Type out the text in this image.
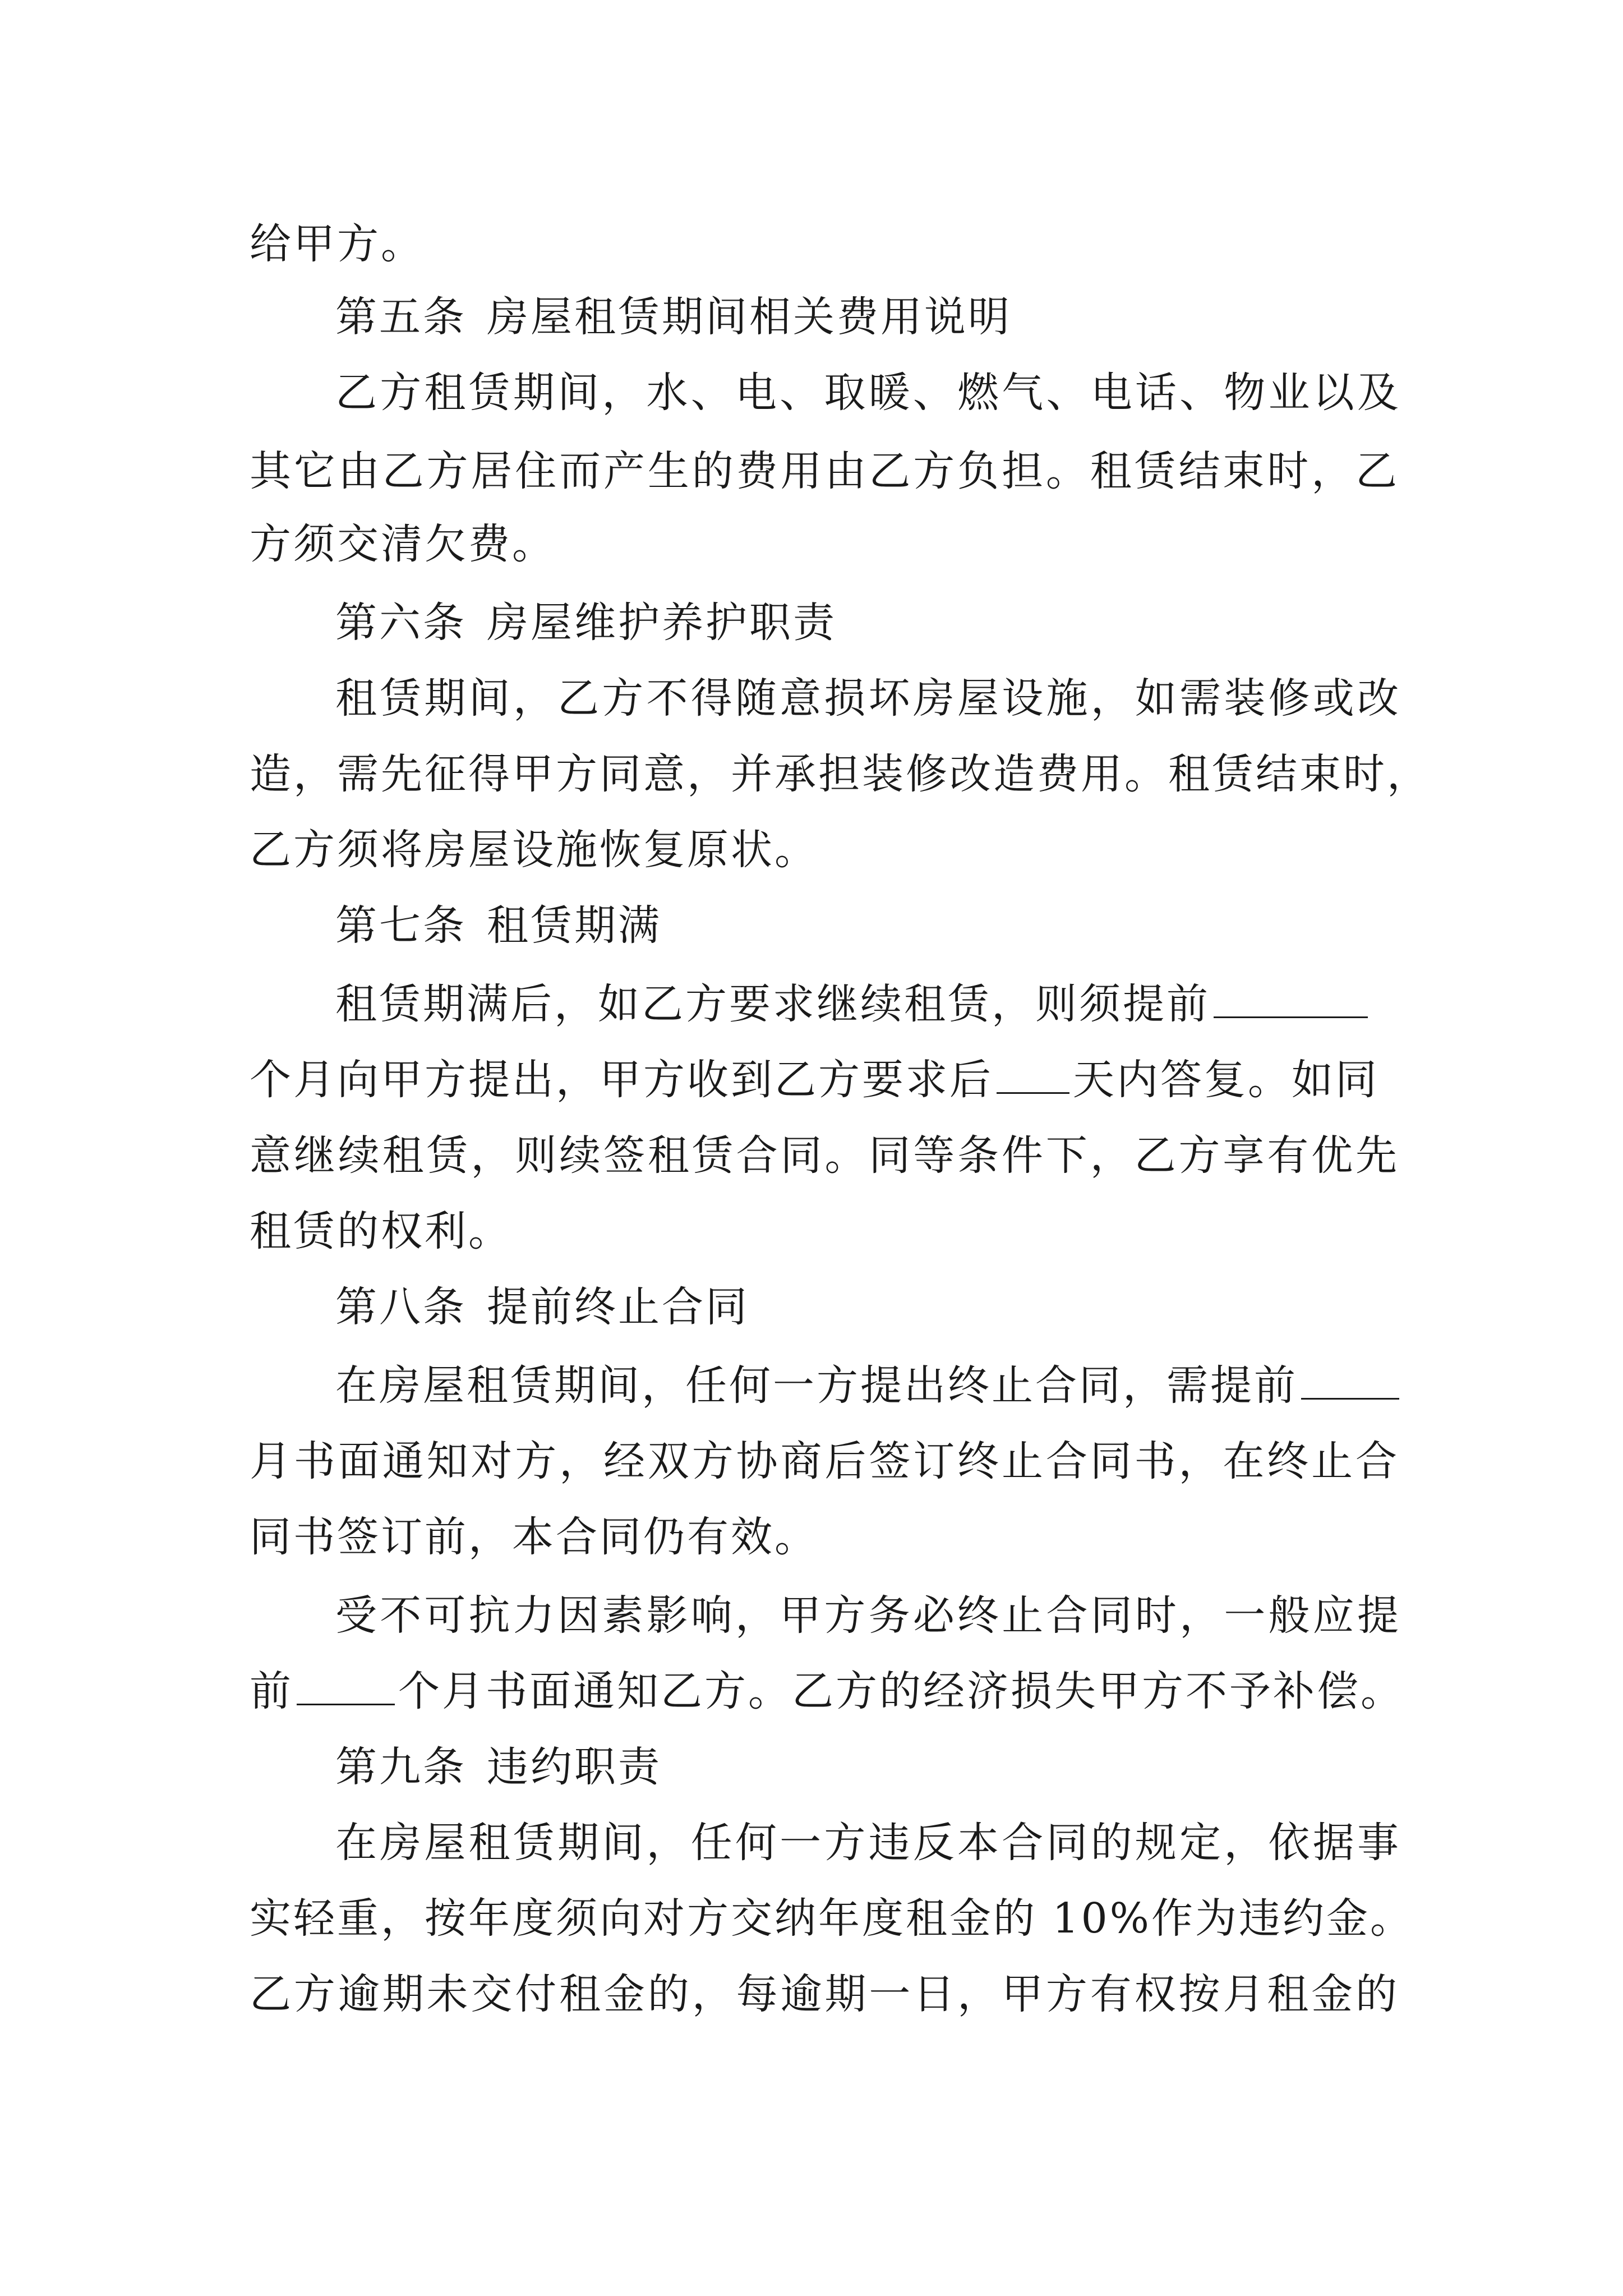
给甲方。
第五条 房屋租赁期间相关费用说明
乙方租赁期间，水、电、取暖、燃气、电话、物业以及
其它由乙方居住而产生的费用由乙方负担。租赁结束时，乙
方须交清欠费。
第六条 房屋维护养护职责
租赁期间，乙方不得随意损坏房屋设施，如需装修或改
造，需先征得甲方同意，并承担装修改造费用。租赁结束时，
乙方须将房屋设施恢复原状。
第七条 租赁期满
租赁期满后，如乙方要求继续租赁，则须提前
个月向甲方提出，甲方收到乙方要求后 天内答复。如同
意继续租赁，则续签租赁合同。同等条件下，乙方享有优先
租赁的权利。
第八条 提前终止合同
在房屋租赁期间，任何一方提出终止合同，需提前
月书面通知对方，经双方协商后签订终止合同书，在终止合
同书签订前，本合同仍有效。
受不可抗力因素影响，甲方务必终止合同时，一般应提
前	个月书面通知乙方。乙方的经济损失甲方不予补偿。
第九条 违约职责
在房屋租赁期间，任何一方违反本合同的规定，依据事
实轻重，按年度须向对方交纳年度租金的 10%作为违约金。
乙方逾期未交付租金的，每逾期一日，甲方有权按月租金的
